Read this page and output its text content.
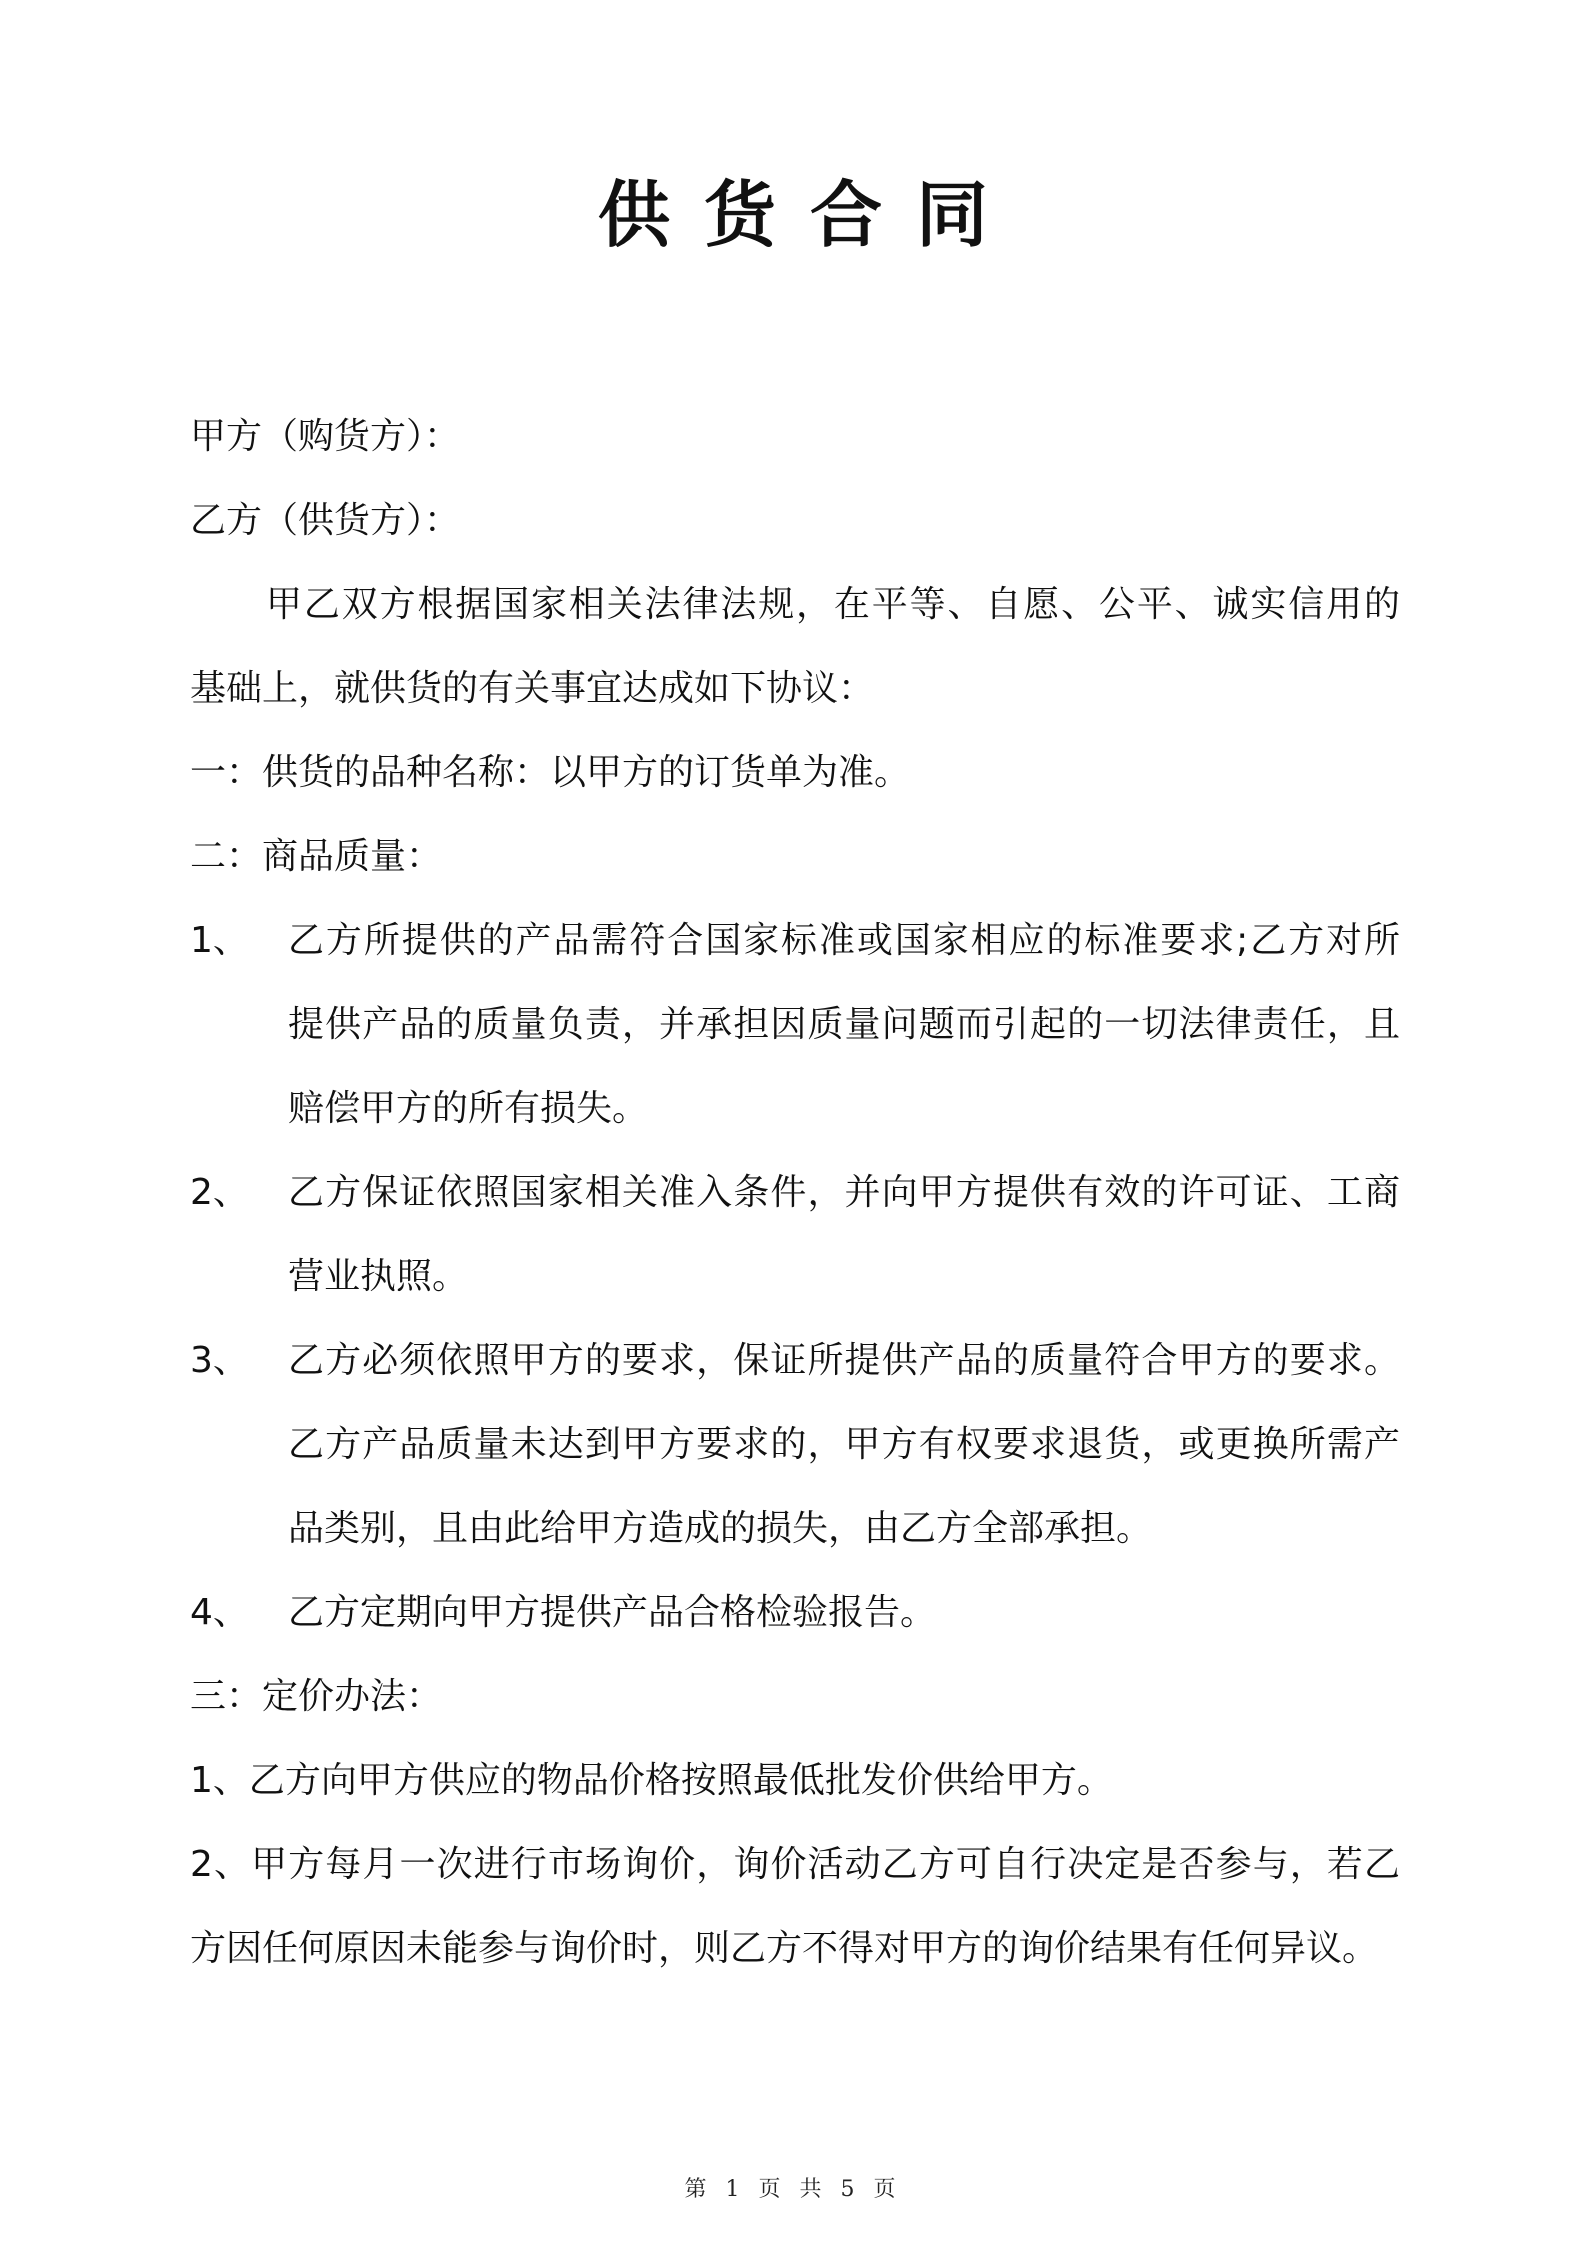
供货合同
甲方（购货方）：
乙方（供货方）：
甲乙双方根据国家相关法律法规，在平等、自愿、公平、诚实信用的
基础上，就供货的有关事宜达成如下协议：
一：供货的品种名称：以甲方的订货单为准。
二：商品质量：
1、	乙方所提供的产品需符合国家标准或国家相应的标准要求;乙方对所
提供产品的质量负责，并承担因质量问题而引起的一切法律责任，且
赔偿甲方的所有损失。
2、	乙方保证依照国家相关准入条件，并向甲方提供有效的许可证、工商
营业执照。
3、	乙方必须依照甲方的要求，保证所提供产品的质量符合甲方的要求。
乙方产品质量未达到甲方要求的，甲方有权要求退货，或更换所需产
品类别，且由此给甲方造成的损失，由乙方全部承担。
4、	乙方定期向甲方提供产品合格检验报告。
三：定价办法：
1、乙方向甲方供应的物品价格按照最低批发价供给甲方。
2、甲方每月一次进行市场询价，询价活动乙方可自行决定是否参与，若乙
方因任何原因未能参与询价时，则乙方不得对甲方的询价结果有任何异议。
第 1 页 共 5 页
